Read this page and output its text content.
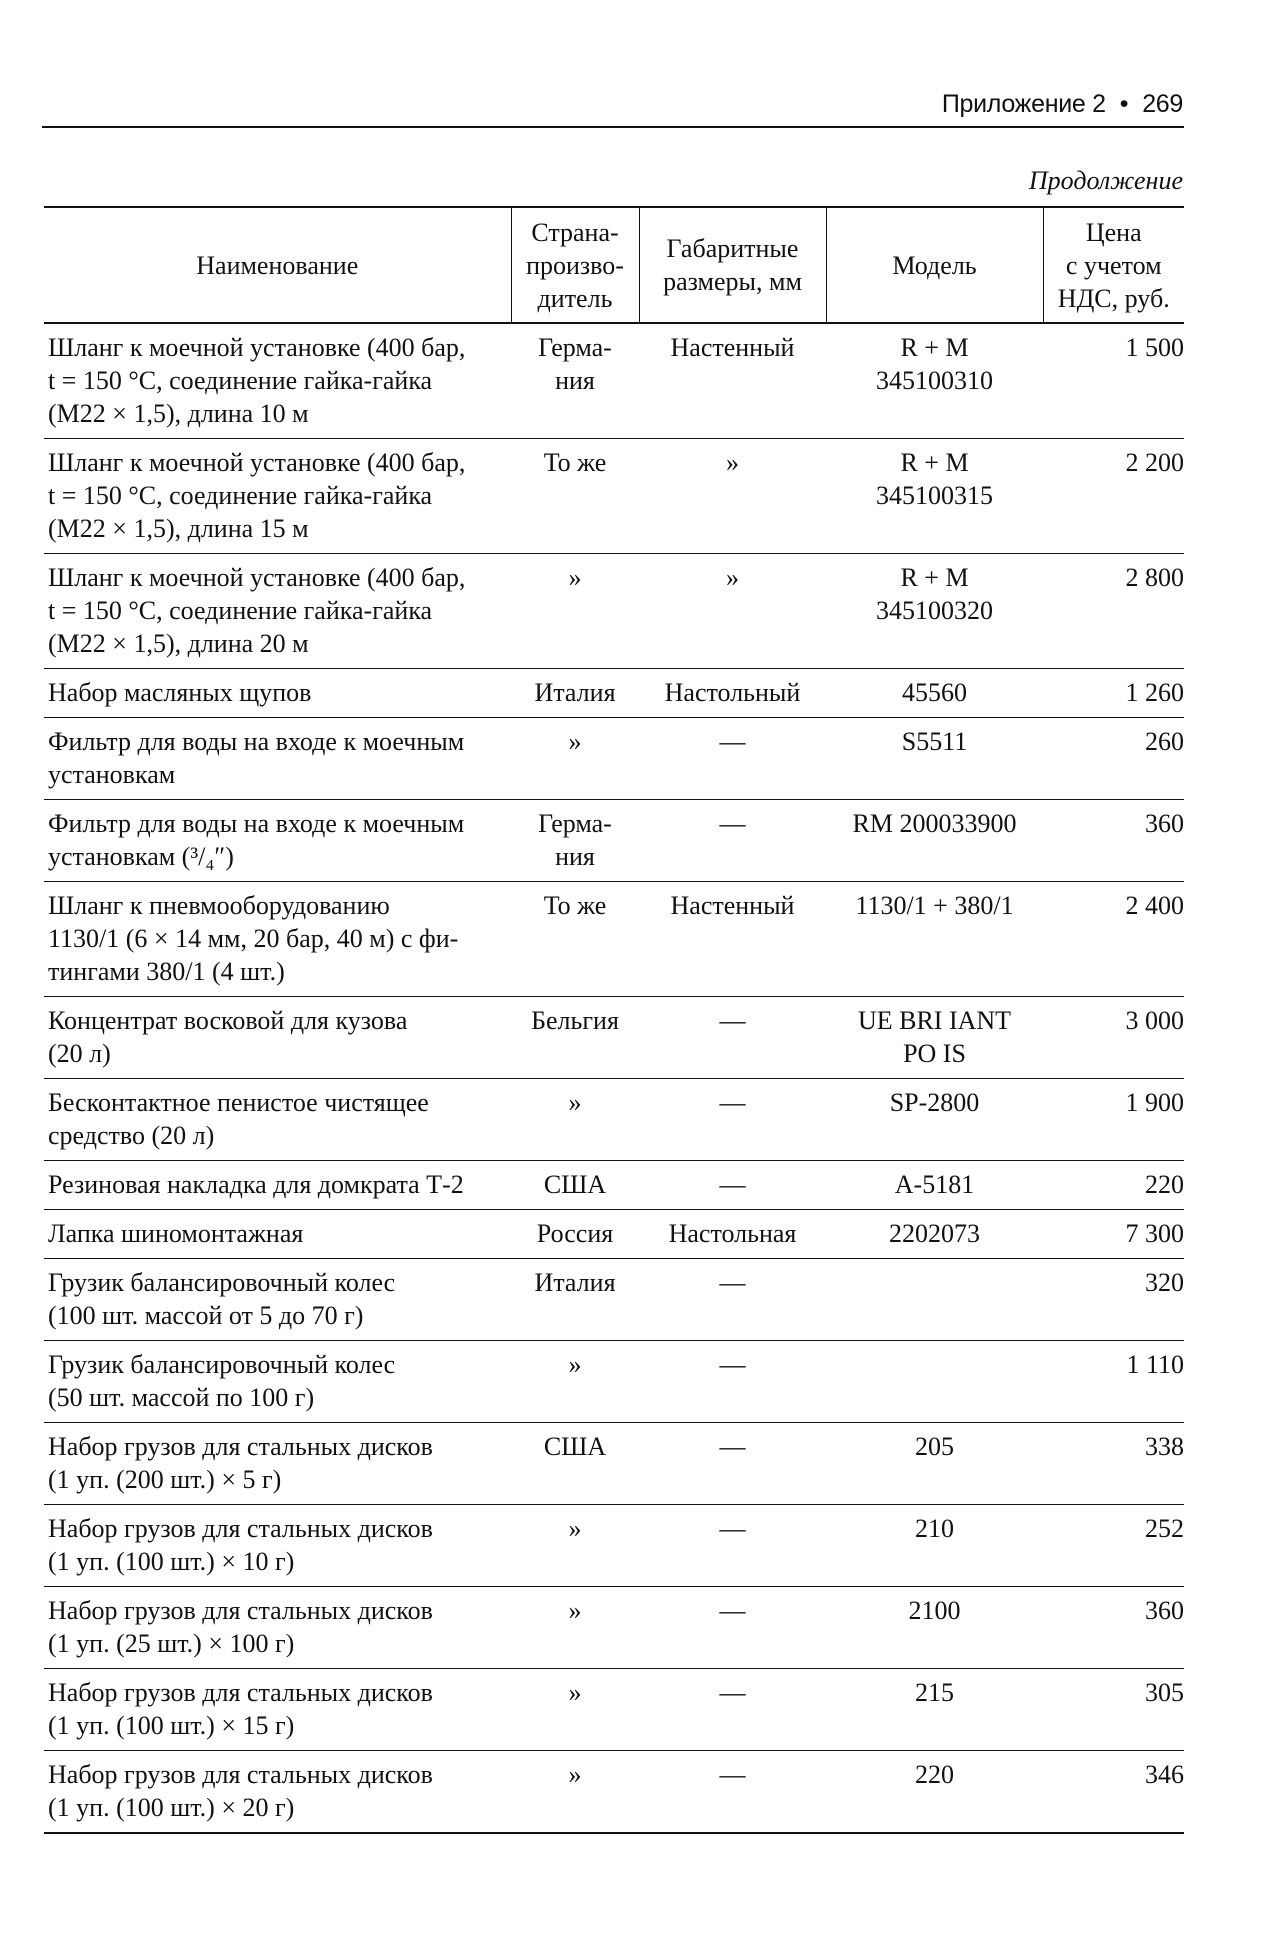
Приложение 2 • 269
Продолжение
Наименование	Страна-
произво-
дитель	Габаритные
размеры, мм	Модель	Цена
с учетом
НДС, руб.
Шланг к моечной установке (400 бар,
t = 150 °С, соединение гайка-гайка
(М22 × 1,5), длина 10 м	Герма-
ния	Настенный	R + M
345100310	1 500
Шланг к моечной установке (400 бар,
t = 150 °С, соединение гайка-гайка
(М22 × 1,5), длина 15 м	То же	»	R + M
345100315	2 200
Шланг к моечной установке (400 бар,
t = 150 °С, соединение гайка-гайка
(М22 × 1,5), длина 20 м	»	»	R + M
345100320	2 800
Набор масляных щупов	Италия	Настольный	45560	1 260
Фильтр для воды на входе к моечным
установкам	»	—	S5511	260
Фильтр для воды на входе к моечным
установкам (³/₄″)	Герма-
ния	—	RM 200033900	360
Шланг к пневмооборудованию
1130/1 (6 × 14 мм, 20 бар, 40 м) с фи-
тингами 380/1 (4 шт.)	То же	Настенный	1130/1 + 380/1	2 400
Концентрат восковой для кузова
(20 л)	Бельгия	—	UE BRI IANT
PO IS	3 000
Бесконтактное пенистое чистящее
средство (20 л)	»	—	SP-2800	1 900
Резиновая накладка для домкрата Т-2	США	—	A-5181	220
Лапка шиномонтажная	Россия	Настольная	2202073	7 300
Грузик балансировочный колес
(100 шт. массой от 5 до 70 г)	Италия	—		320
Грузик балансировочный колес
(50 шт. массой по 100 г)	»	—		1 110
Набор грузов для стальных дисков
(1 уп. (200 шт.) × 5 г)	США	—	205	338
Набор грузов для стальных дисков
(1 уп. (100 шт.) × 10 г)	»	—	210	252
Набор грузов для стальных дисков
(1 уп. (25 шт.) × 100 г)	»	—	2100	360
Набор грузов для стальных дисков
(1 уп. (100 шт.) × 15 г)	»	—	215	305
Набор грузов для стальных дисков
(1 уп. (100 шт.) × 20 г)	»	—	220	346
